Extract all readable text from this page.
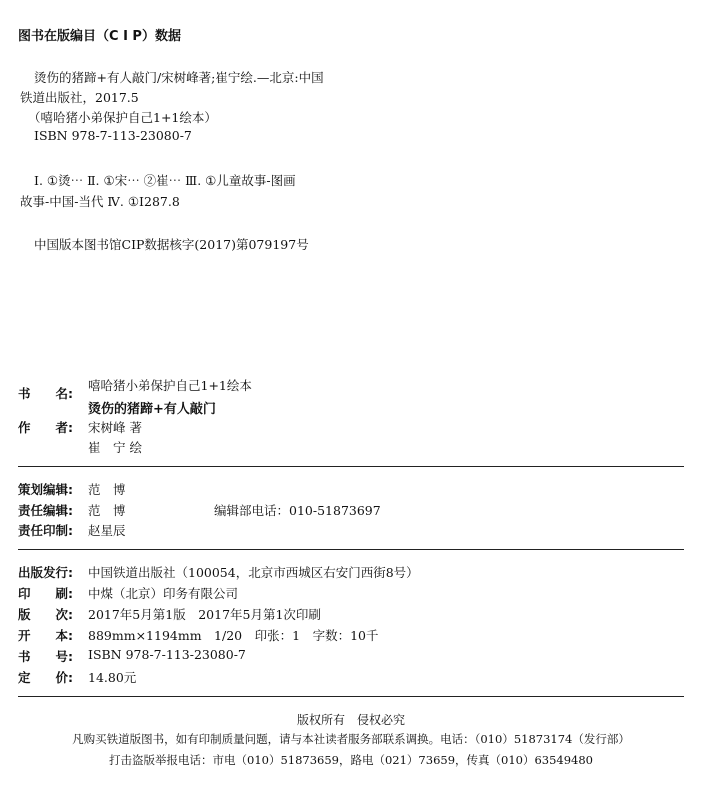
图书在版编目（C I P）数据
烫伤的猪蹄+有人敲门/宋树峰著;崔宁绘.—北京:中国
铁道出版社，2017.5
（嘻哈猪小弟保护自己1+1绘本）
ISBN 978-7-113-23080-7
Ⅰ. ①烫⋯ Ⅱ. ①宋⋯ ②崔⋯ Ⅲ. ①儿童故事-图画
故事-中国-当代 Ⅳ. ①I287.8
中国版本图书馆CIP数据核字(2017)第079197号
书　　名:
嘻哈猪小弟保护自己1+1绘本
烫伤的猪蹄+有人敲门
作　　者: 宋树峰 著
崔　宁 绘
策划编辑: 范　博
责任编辑: 范　博	编辑部电话：010-51873697
责任印制: 赵星辰
出版发行: 中国铁道出版社（100054，北京市西城区右安门西街8号）
印　　刷: 中煤（北京）印务有限公司
版　　次: 2017年5月第1版　2017年5月第1次印刷
开　　本: 889mm×1194mm　1/20　印张：1　字数：10千
书　　号: ISBN 978-7-113-23080-7
定　　价: 14.80元
版权所有　侵权必究
凡购买铁道版图书，如有印制质量问题，请与本社读者服务部联系调换。电话：（010）51873174（发行部）
打击盗版举报电话：市电（010）51873659，路电（021）73659，传真（010）63549480
